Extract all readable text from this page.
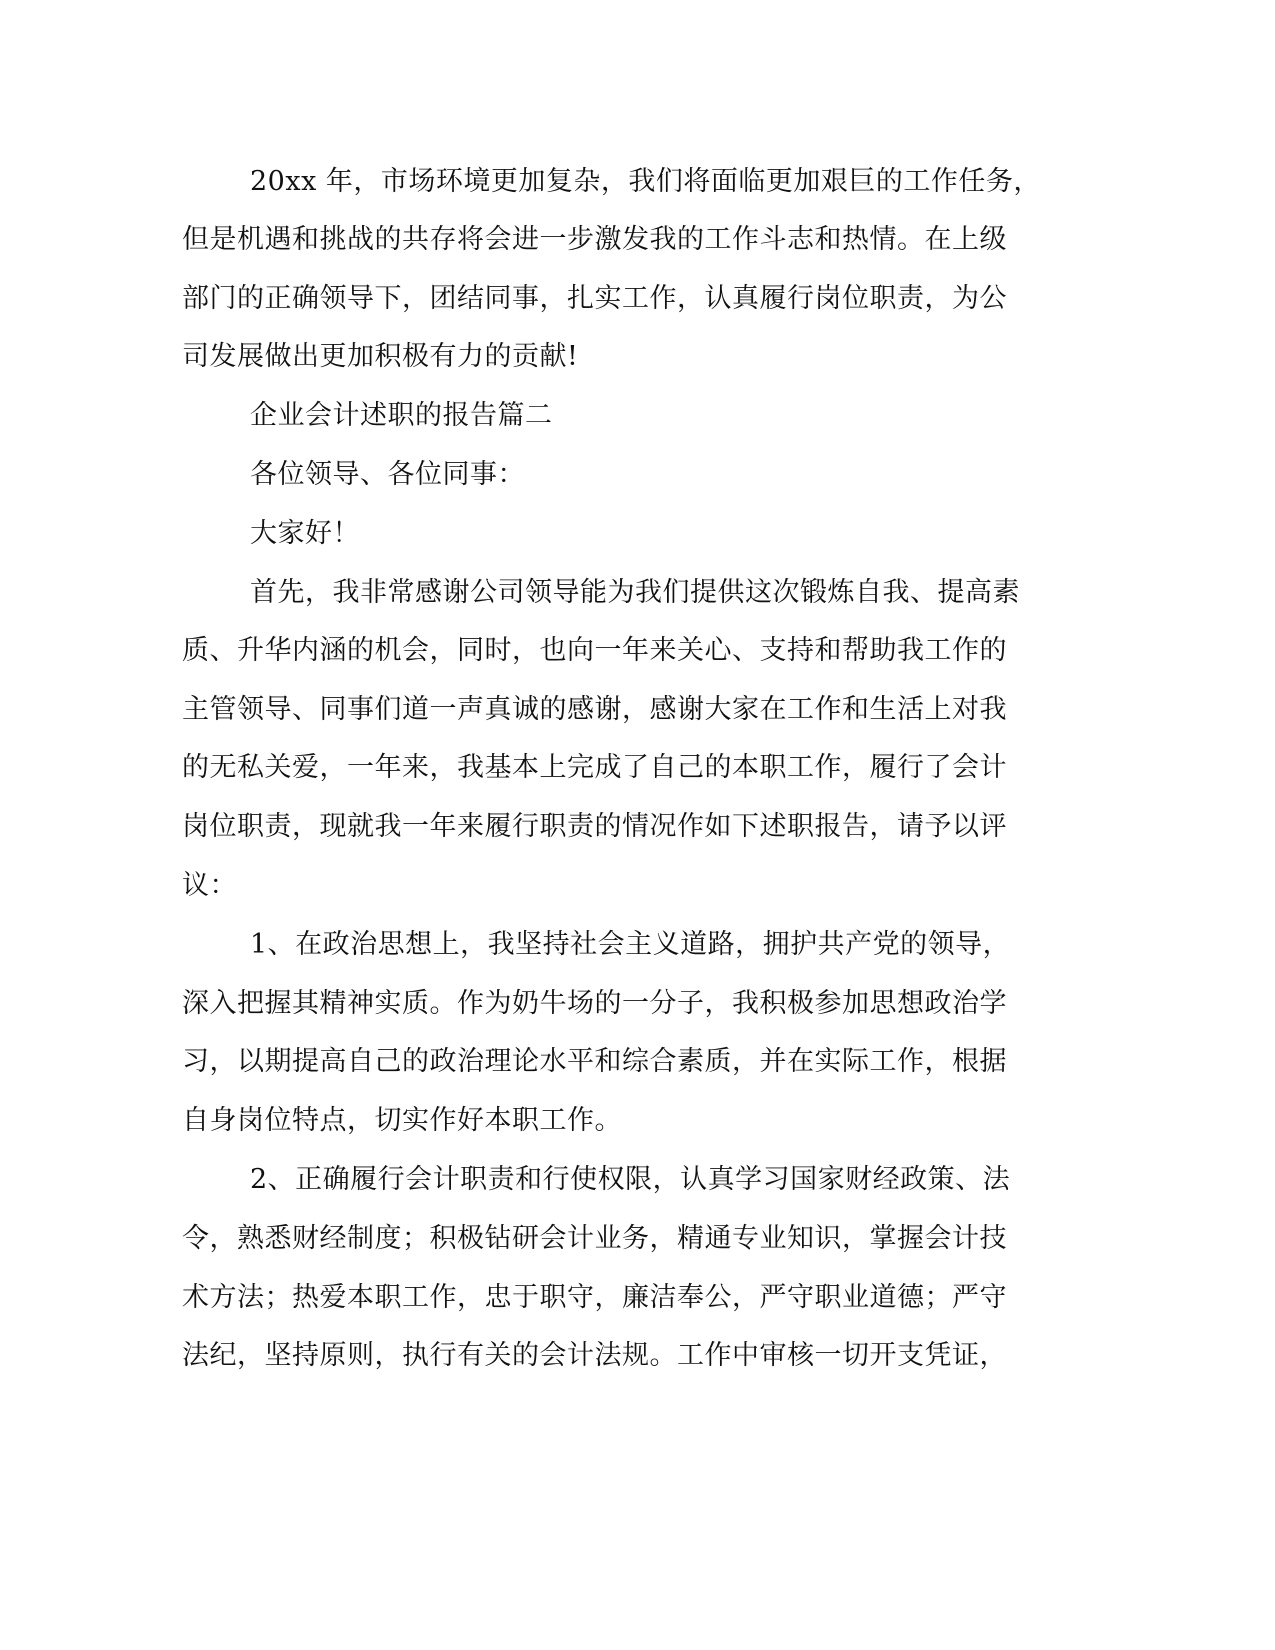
20xx 年，市场环境更加复杂，我们将面临更加艰巨的工作任务，
但是机遇和挑战的共存将会进一步激发我的工作斗志和热情。在上级
部门的正确领导下，团结同事，扎实工作，认真履行岗位职责，为公
司发展做出更加积极有力的贡献!
企业会计述职的报告篇二
各位领导、各位同事：
大家好！
首先，我非常感谢公司领导能为我们提供这次锻炼自我、提高素
质、升华内涵的机会，同时，也向一年来关心、支持和帮助我工作的
主管领导、同事们道一声真诚的感谢，感谢大家在工作和生活上对我
的无私关爱，一年来，我基本上完成了自己的本职工作，履行了会计
岗位职责，现就我一年来履行职责的情况作如下述职报告，请予以评
议：
1、在政治思想上，我坚持社会主义道路，拥护共产党的领导，
深入把握其精神实质。作为奶牛场的一分子，我积极参加思想政治学
习，以期提高自己的政治理论水平和综合素质，并在实际工作，根据
自身岗位特点，切实作好本职工作。
2、正确履行会计职责和行使权限，认真学习国家财经政策、法
令，熟悉财经制度；积极钻研会计业务，精通专业知识，掌握会计技
术方法；热爱本职工作，忠于职守，廉洁奉公，严守职业道德；严守
法纪，坚持原则，执行有关的会计法规。工作中审核一切开支凭证，
